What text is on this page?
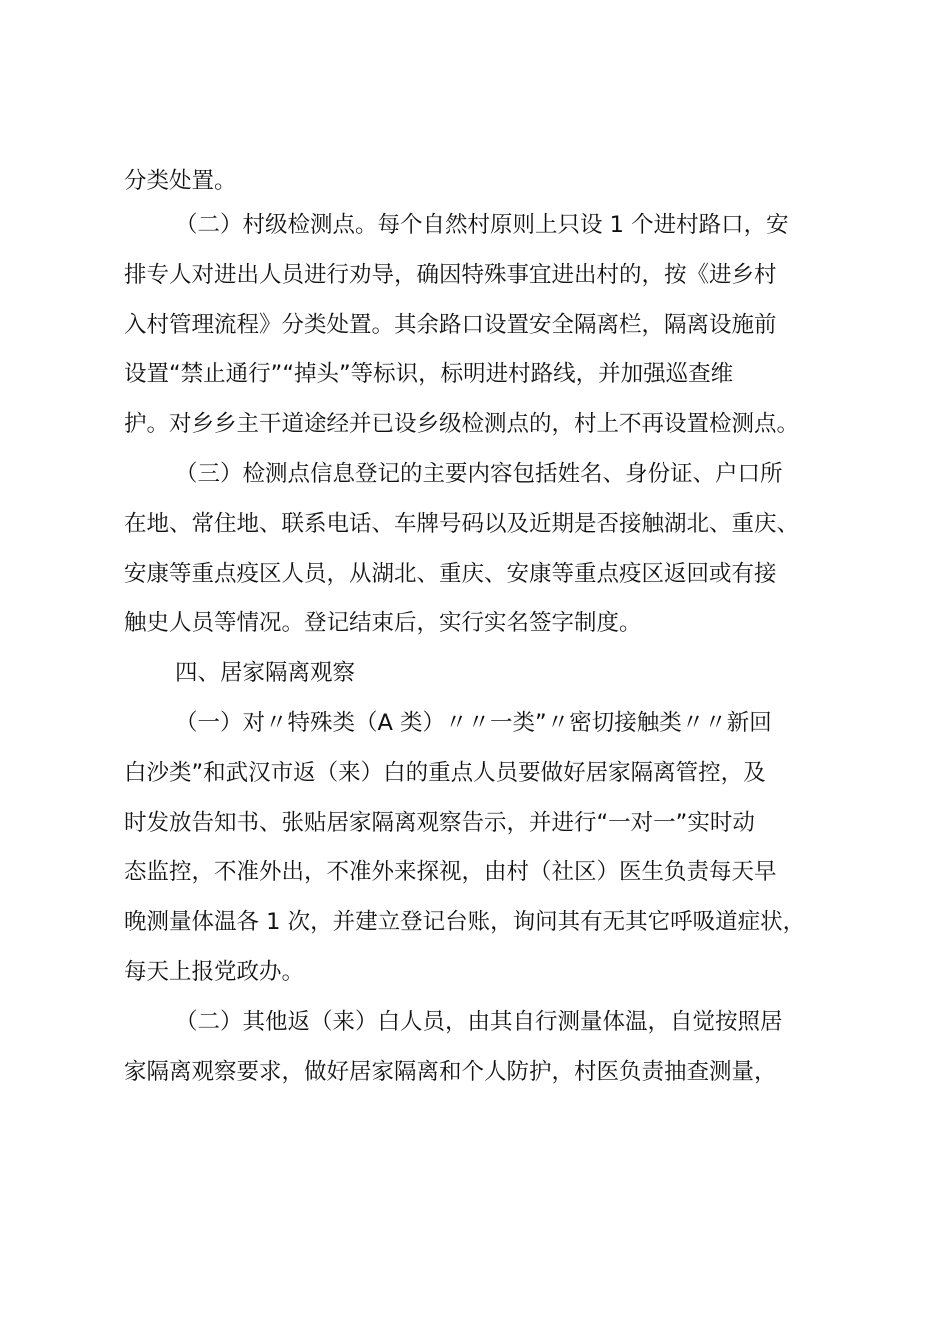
分类处置。
（二）村级检测点。每个自然村原则上只设 1 个进村路口，安
排专人对进出人员进行劝导，确因特殊事宜进出村的，按《进乡村
入村管理流程》分类处置。其余路口设置安全隔离栏，隔离设施前
设置“禁止通行”“掉头”等标识，标明进村路线，并加强巡查维
护。对乡乡主干道途经并已设乡级检测点的，村上不再设置检测点。
（三）检测点信息登记的主要内容包括姓名、身份证、户口所
在地、常住地、联系电话、车牌号码以及近期是否接触湖北、重庆、
安康等重点疫区人员，从湖北、重庆、安康等重点疫区返回或有接
触史人员等情况。登记结束后，实行实名签字制度。
四、居家隔离观察
（一）对〃特殊类（A 类）〃〃一类”〃密切接触类〃〃新回
白沙类”和武汉市返（来）白的重点人员要做好居家隔离管控，及
时发放告知书、张贴居家隔离观察告示，并进行“一对一”实时动
态监控，不准外出，不准外来探视，由村（社区）医生负责每天早
晚测量体温各 1 次，并建立登记台账，询问其有无其它呼吸道症状，
每天上报党政办。
（二）其他返（来）白人员，由其自行测量体温，自觉按照居
家隔离观察要求，做好居家隔离和个人防护，村医负责抽查测量，
